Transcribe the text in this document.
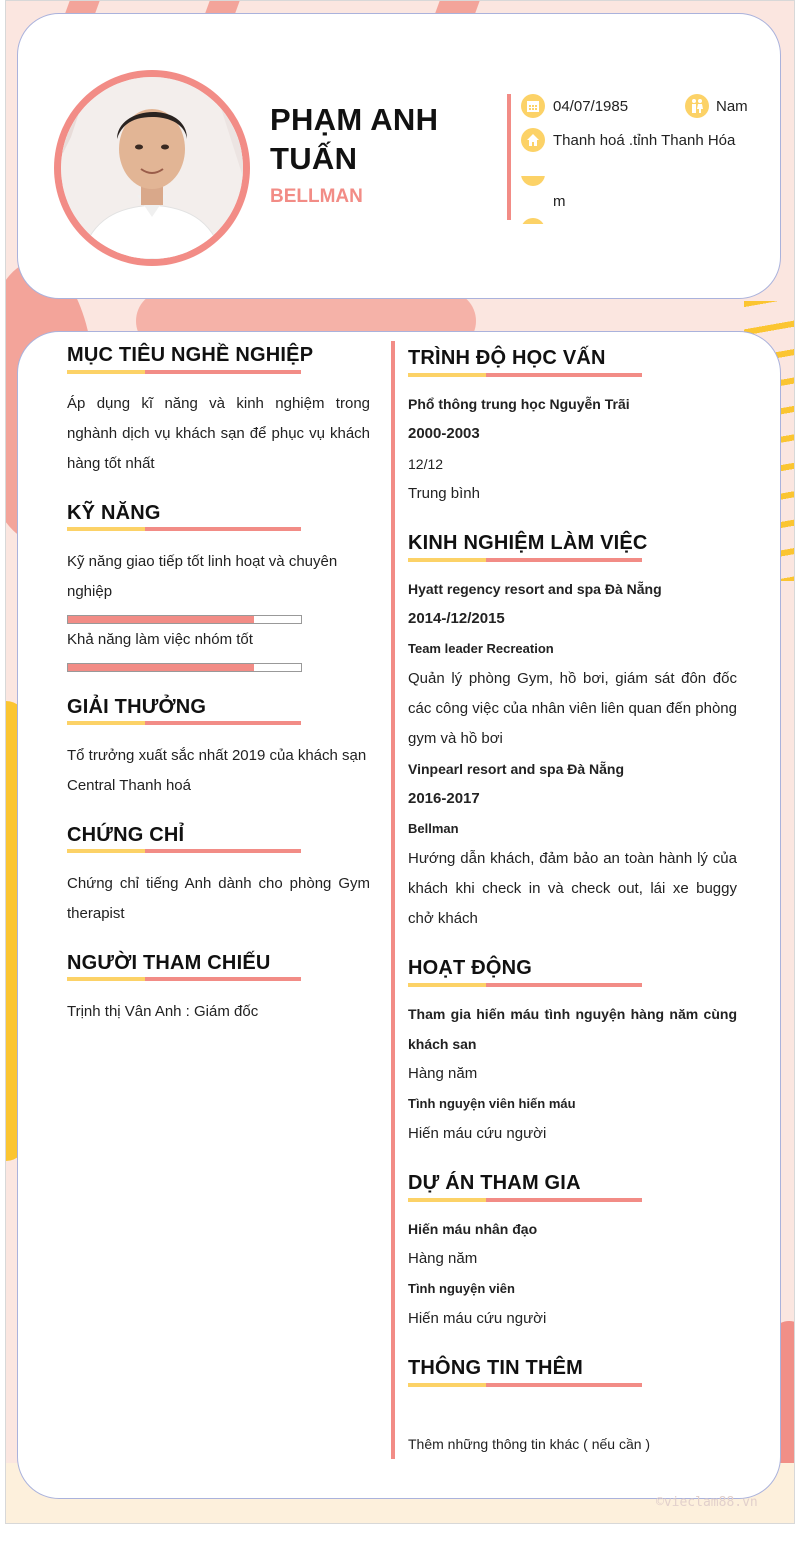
PHẠM ANH
TUẤN
BELLMAN
04/07/1985	Nam
Thanh hoá .tỉnh Thanh Hóa
m
MỤC TIÊU NGHỀ NGHIỆP
Áp dụng kĩ năng và kinh nghiệm trong nghành dịch vụ khách sạn để phục vụ khách hàng tốt nhất
KỸ NĂNG
Kỹ năng giao tiếp tốt linh hoạt và chuyên nghiệp
Khả năng làm việc nhóm tốt
GIẢI THƯỞNG
Tổ trưởng xuất sắc nhất 2019 của khách sạn Central Thanh hoá
CHỨNG CHỈ
Chứng chỉ tiếng Anh dành cho phòng Gym therapist
NGƯỜI THAM CHIẾU
Trịnh thị Vân Anh : Giám đốc
TRÌNH ĐỘ HỌC VẤN
Phổ thông trung học Nguyễn Trãi
2000-2003
12/12
Trung bình
KINH NGHIỆM LÀM VIỆC
Hyatt regency resort and spa Đà Nẵng
2014-/12/2015
Team leader Recreation
Quản lý phòng Gym, hồ bơi, giám sát đôn đốc các công việc của nhân viên liên quan đến phòng gym và hồ bơi
Vinpearl resort and spa Đà Nẵng
2016-2017
Bellman
Hướng dẫn khách, đảm bảo an toàn hành lý của khách khi check in và check out, lái xe buggy chở khách
HOẠT ĐỘNG
Tham gia hiến máu tình nguyện hàng năm cùng khách san
Hàng năm
Tình nguyện viên hiến máu
Hiến máu cứu người
DỰ ÁN THAM GIA
Hiến máu nhân đạo
Hàng năm
Tình nguyện viên
Hiến máu cứu người
THÔNG TIN THÊM
Thêm những thông tin khác ( nếu cần )
©vieclam88.vn
